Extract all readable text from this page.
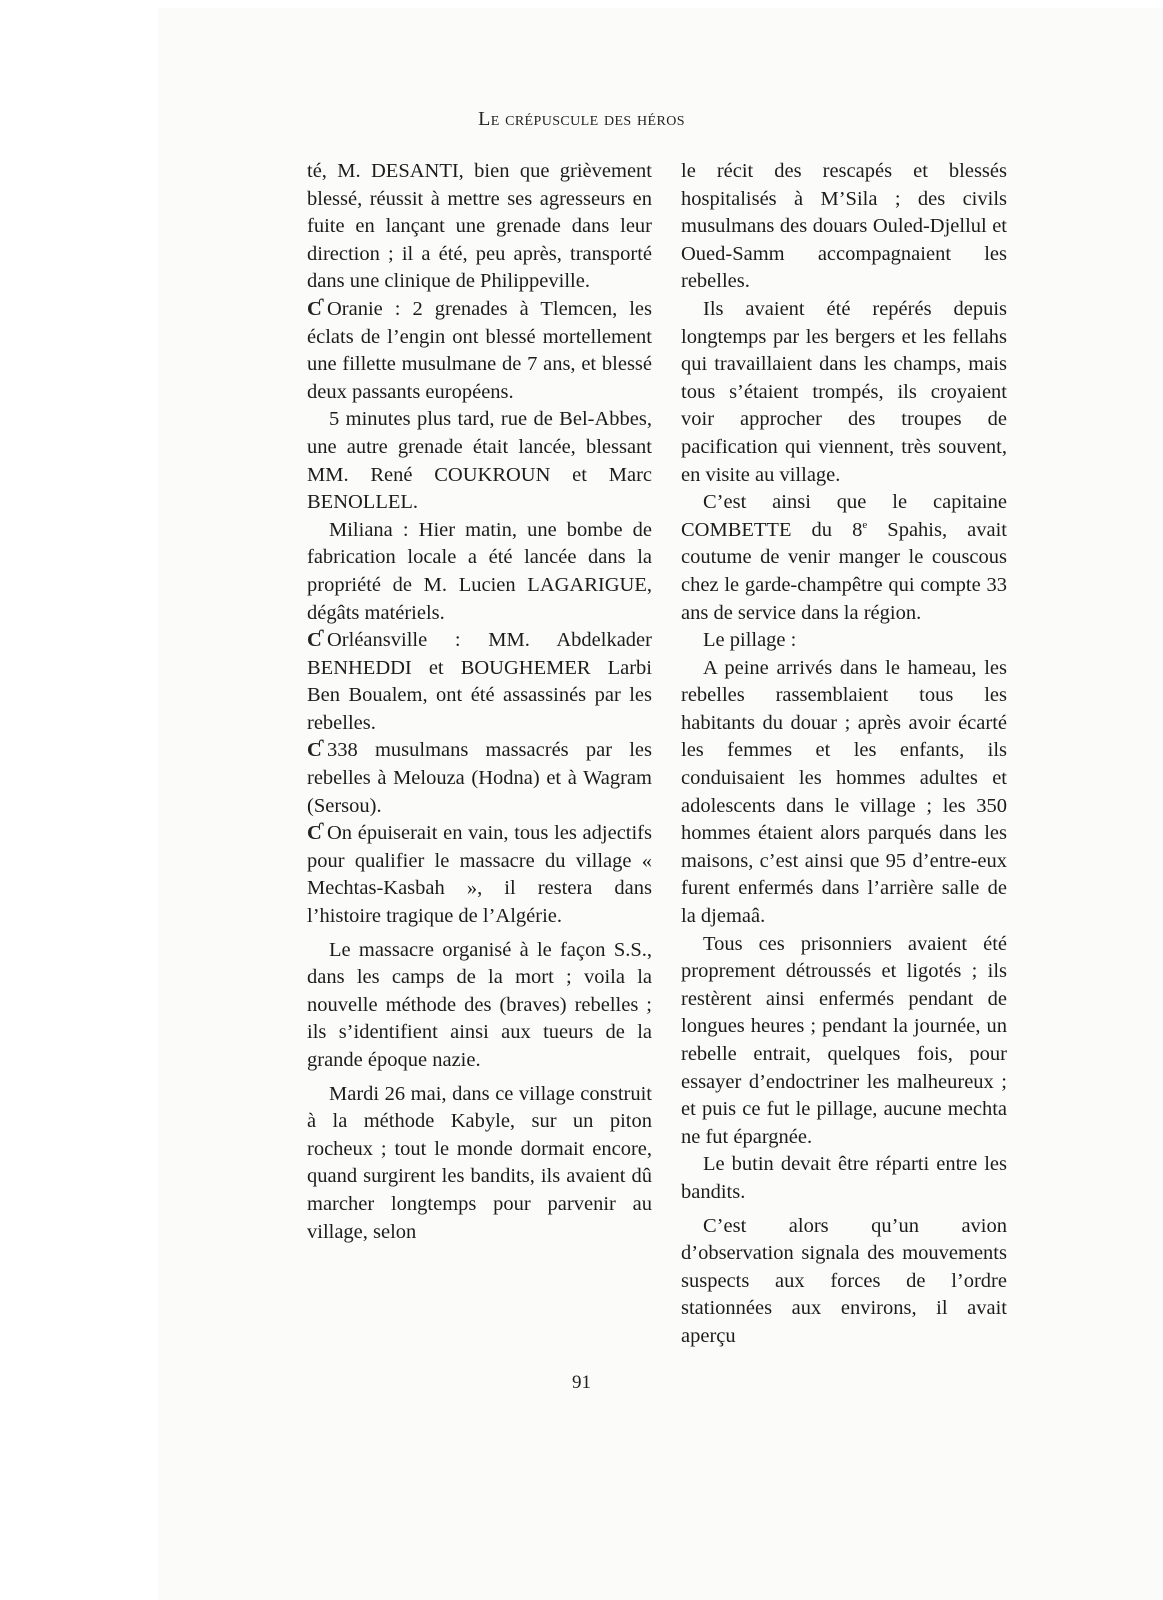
Le crépuscule des héros

té, M. DESANTI, bien que grièvement blessé, réussit à mettre ses agresseurs en fuite en lançant une grenade dans leur direction ; il a été, peu après, transporté dans une clinique de Philippeville.

Ƈ Oranie : 2 grenades à Tlemcen, les éclats de l’engin ont blessé mortellement une fillette musulmane de 7 ans, et blessé deux passants européens.

5 minutes plus tard, rue de Bel-Abbes, une autre grenade était lancée, blessant MM. René COUKROUN et Marc BENOLLEL.

Miliana : Hier matin, une bombe de fabrication locale a été lancée dans la propriété de M. Lucien LAGARIGUE, dégâts matériels.

Ƈ Orléansville : MM. Abdelkader BENHEDDI et BOUGHEMER Larbi Ben Boualem, ont été assassinés par les rebelles.

Ƈ 338 musulmans massacrés par les rebelles à Melouza (Hodna) et à Wagram (Sersou).

Ƈ On épuiserait en vain, tous les adjectifs pour qualifier le massacre du village « Mechtas-Kasbah », il restera dans l’histoire tragique de l’Algérie.

Le massacre organisé à le façon S.S., dans les camps de la mort ; voila la nouvelle méthode des (braves) rebelles ; ils s’identifient ainsi aux tueurs de la grande époque nazie.

Mardi 26 mai, dans ce village construit à la méthode Kabyle, sur un piton rocheux ; tout le monde dormait encore, quand surgirent les bandits, ils avaient dû marcher longtemps pour parvenir au village, selon

le récit des rescapés et blessés hospitalisés à M’Sila ; des civils musulmans des douars Ouled-Djellul et Oued-Samm accompagnaient les rebelles.

Ils avaient été repérés depuis longtemps par les bergers et les fellahs qui travaillaient dans les champs, mais tous s’étaient trompés, ils croyaient voir approcher des troupes de pacification qui viennent, très souvent, en visite au village.

C’est ainsi que le capitaine COMBETTE du 8e Spahis, avait coutume de venir manger le couscous chez le garde-champêtre qui compte 33 ans de service dans la région.

Le pillage :

A peine arrivés dans le hameau, les rebelles rassemblaient tous les habitants du douar ; après avoir écarté les femmes et les enfants, ils conduisaient les hommes adultes et adolescents dans le village ; les 350 hommes étaient alors parqués dans les maisons, c’est ainsi que 95 d’entre-eux furent enfermés dans l’arrière salle de la djemaâ.

Tous ces prisonniers avaient été proprement détroussés et ligotés ; ils restèrent ainsi enfermés pendant de longues heures ; pendant la journée, un rebelle entrait, quelques fois, pour essayer d’endoctriner les malheureux ; et puis ce fut le pillage, aucune mechta ne fut épargnée.

Le butin devait être réparti entre les bandits.

C’est alors qu’un avion d’observation signala des mouvements suspects aux forces de l’ordre stationnées aux environs, il avait aperçu

91
